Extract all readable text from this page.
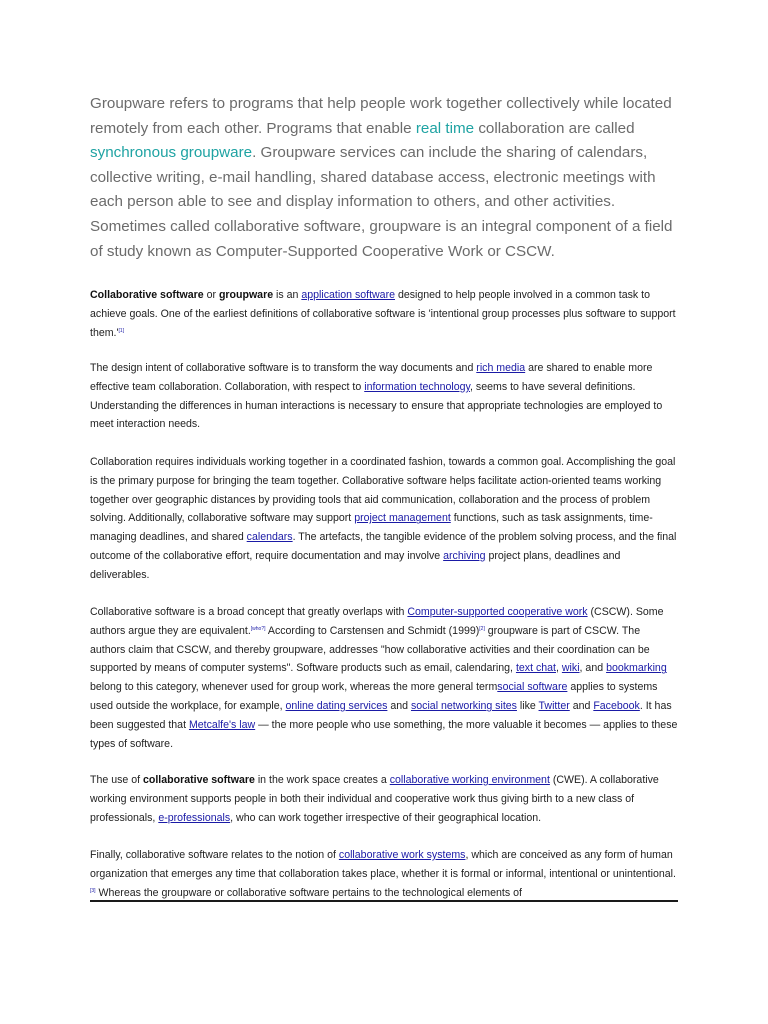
Groupware refers to programs that help people work together collectively while located remotely from each other. Programs that enable real time collaboration are called synchronous groupware. Groupware services can include the sharing of calendars, collective writing, e-mail handling, shared database access, electronic meetings with each person able to see and display information to others, and other activities. Sometimes called collaborative software, groupware is an integral component of a field of study known as Computer-Supported Cooperative Work or CSCW.

Collaborative software or groupware is an application software designed to help people involved in a common task to achieve goals. One of the earliest definitions of collaborative software is 'intentional group processes plus software to support them.'[1]

The design intent of collaborative software is to transform the way documents and rich media are shared to enable more effective team collaboration. Collaboration, with respect to information technology, seems to have several definitions. Understanding the differences in human interactions is necessary to ensure that appropriate technologies are employed to meet interaction needs.

Collaboration requires individuals working together in a coordinated fashion, towards a common goal. Accomplishing the goal is the primary purpose for bringing the team together. Collaborative software helps facilitate action-oriented teams working together over geographic distances by providing tools that aid communication, collaboration and the process of problem solving. Additionally, collaborative software may support project management functions, such as task assignments, time-managing deadlines, and shared calendars. The artefacts, the tangible evidence of the problem solving process, and the final outcome of the collaborative effort, require documentation and may involve archiving project plans, deadlines and deliverables.

Collaborative software is a broad concept that greatly overlaps with Computer-supported cooperative work (CSCW). Some authors argue they are equivalent.[who?] According to Carstensen and Schmidt (1999)[2] groupware is part of CSCW. The authors claim that CSCW, and thereby groupware, addresses "how collaborative activities and their coordination can be supported by means of computer systems". Software products such as email, calendaring, text chat, wiki, and bookmarking belong to this category, whenever used for group work, whereas the more general termsocial software applies to systems used outside the workplace, for example, online dating services and social networking sites like Twitter and Facebook. It has been suggested that Metcalfe's law — the more people who use something, the more valuable it becomes — applies to these types of software.

The use of collaborative software in the work space creates a collaborative working environment (CWE). A collaborative working environment supports people in both their individual and cooperative work thus giving birth to a new class of professionals, e-professionals, who can work together irrespective of their geographical location.

Finally, collaborative software relates to the notion of collaborative work systems, which are conceived as any form of human organization that emerges any time that collaboration takes place, whether it is formal or informal, intentional or unintentional.[3] Whereas the groupware or collaborative software pertains to the technological elements of
